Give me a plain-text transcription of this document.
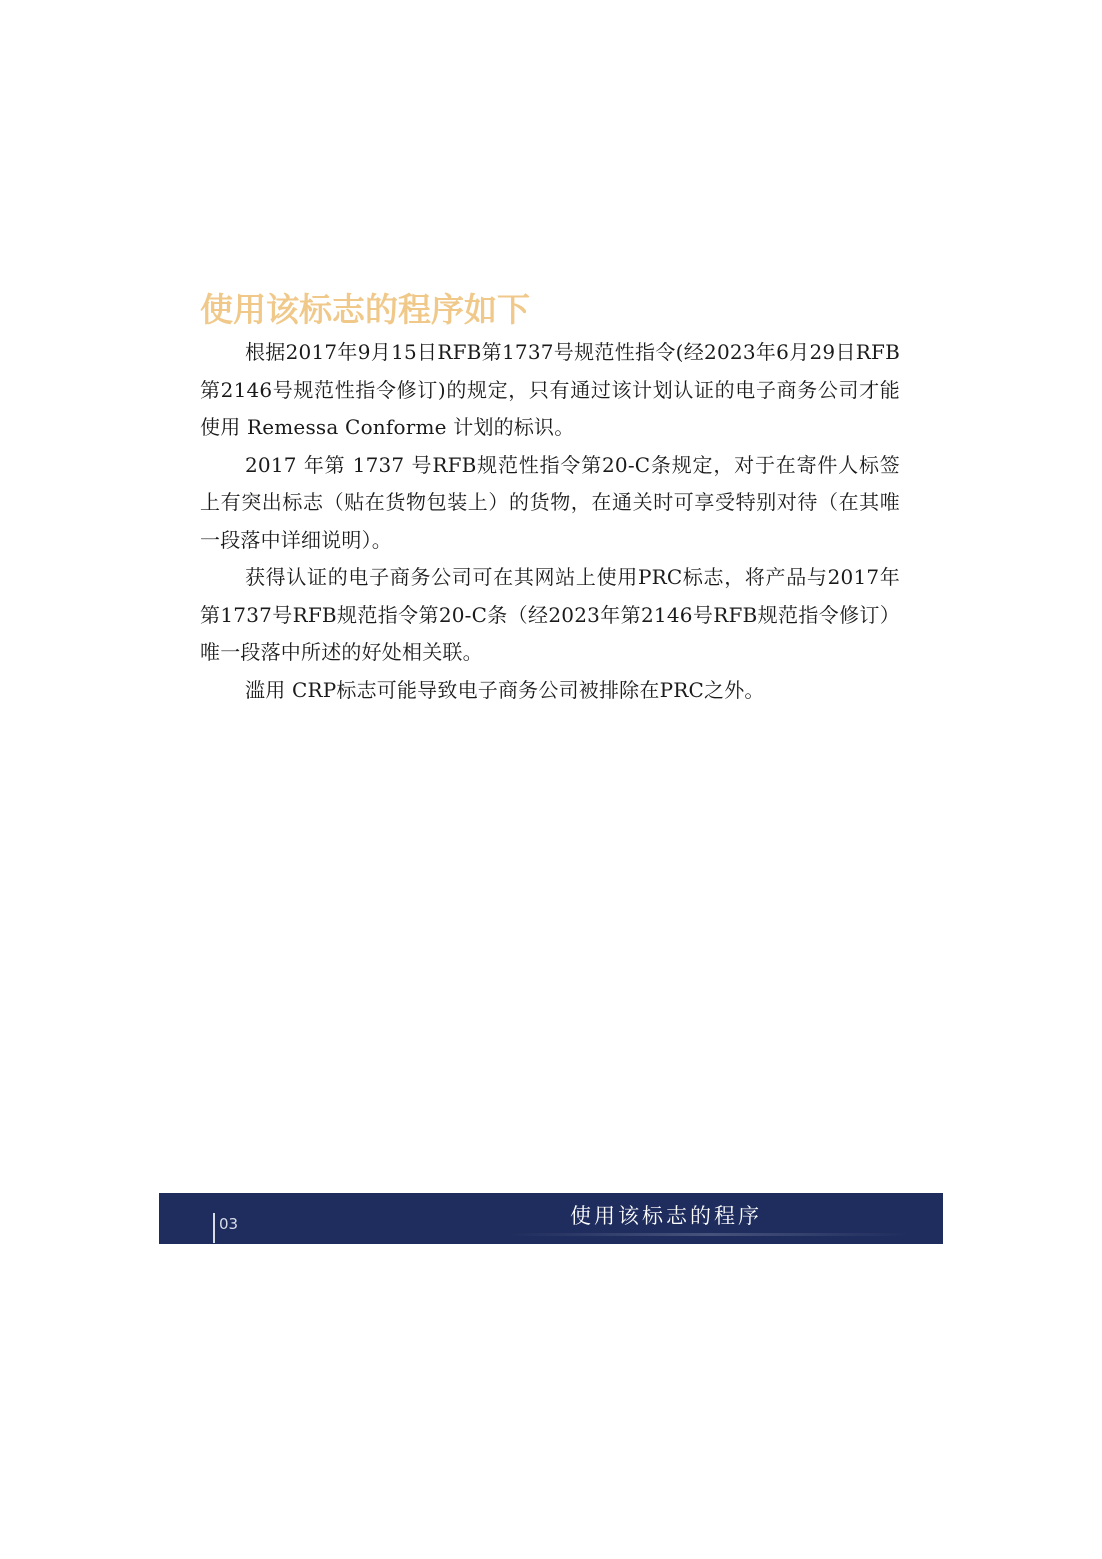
使用该标志的程序如下

根据2017年9月15日RFB第1737号规范性指令(经2023年6月29日RFB第2146号规范性指令修订)的规定，只有通过该计划认证的电子商务公司才能使用 Remessa Conforme 计划的标识。

2017 年第 1737 号RFB规范性指令第20-C条规定，对于在寄件人标签上有突出标志（贴在货物包装上）的货物，在通关时可享受特别对待（在其唯一段落中详细说明）。

获得认证的电子商务公司可在其网站上使用PRC标志，将产品与2017年第1737号RFB规范指令第20-C条（经2023年第2146号RFB规范指令修订）唯一段落中所述的好处相关联。

滥用 CRP标志可能导致电子商务公司被排除在PRC之外。

03	使用该标志的程序
